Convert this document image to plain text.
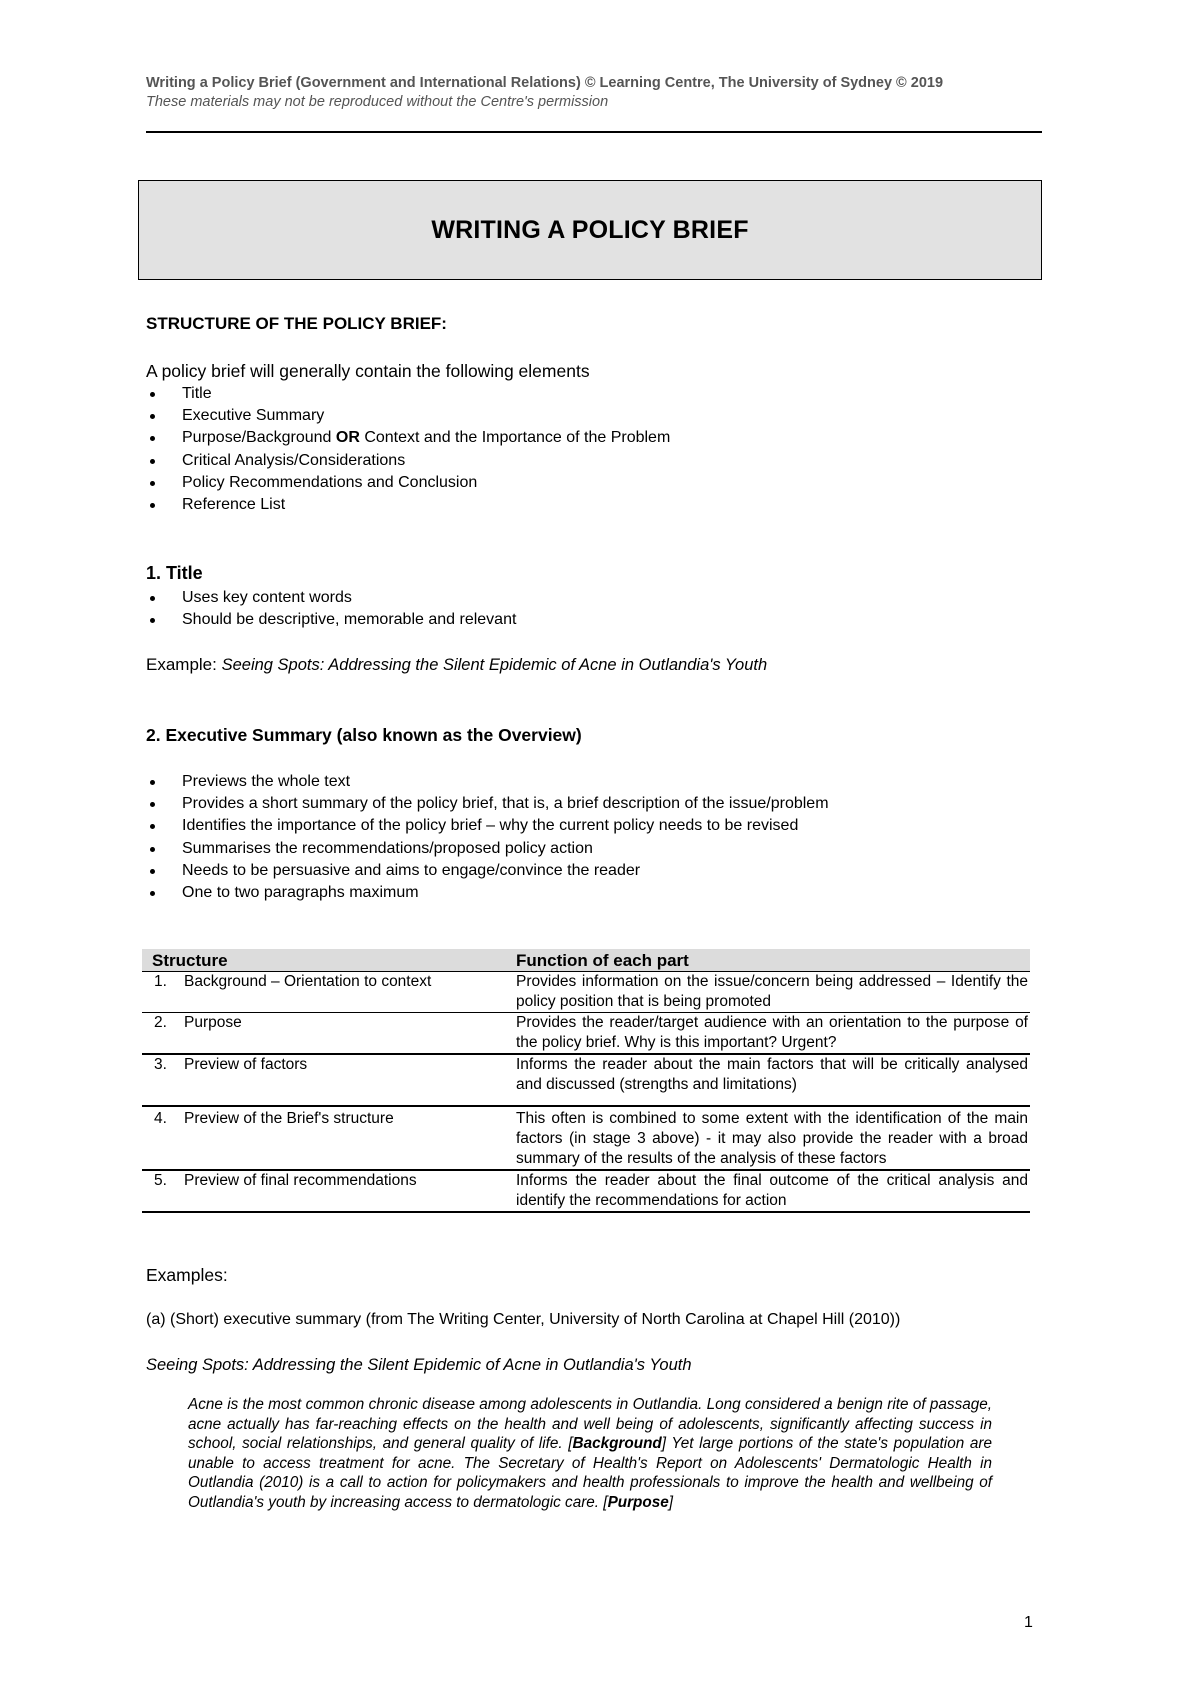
Writing a Policy Brief (Government and International Relations) © Learning Centre, The University of Sydney © 2019
These materials may not be reproduced without the Centre's permission
WRITING A POLICY BRIEF
STRUCTURE OF THE POLICY BRIEF:
A policy brief will generally contain the following elements
Title
Executive Summary
Purpose/Background OR Context and the Importance of the Problem
Critical Analysis/Considerations
Policy Recommendations and Conclusion
Reference List
1. Title
Uses key content words
Should be descriptive, memorable and relevant
Example: Seeing Spots: Addressing the Silent Epidemic of Acne in Outlandia's Youth
2. Executive Summary (also known as the Overview)
Previews the whole text
Provides a short summary of the policy brief, that is, a brief description of the issue/problem
Identifies the importance of the policy brief – why the current policy needs to be revised
Summarises the recommendations/proposed policy action
Needs to be persuasive and aims to engage/convince the reader
One to two paragraphs maximum
Structure	Function of each part
1. Background – Orientation to context	Provides information on the issue/concern being addressed – Identify the policy position that is being promoted
2. Purpose	Provides the reader/target audience with an orientation to the purpose of the policy brief. Why is this important? Urgent?
3. Preview of factors	Informs the reader about the main factors that will be critically analysed and discussed (strengths and limitations)
4. Preview of the Brief's structure	This often is combined to some extent with the identification of the main factors (in stage 3 above) - it may also provide the reader with a broad summary of the results of the analysis of these factors
5. Preview of final recommendations	Informs the reader about the final outcome of the critical analysis and identify the recommendations for action
Examples:
(a) (Short) executive summary (from The Writing Center, University of North Carolina at Chapel Hill (2010))
Seeing Spots: Addressing the Silent Epidemic of Acne in Outlandia's Youth
Acne is the most common chronic disease among adolescents in Outlandia. Long considered a benign rite of passage, acne actually has far-reaching effects on the health and well being of adolescents, significantly affecting success in school, social relationships, and general quality of life. [Background] Yet large portions of the state's population are unable to access treatment for acne. The Secretary of Health's Report on Adolescents' Dermatologic Health in Outlandia (2010) is a call to action for policymakers and health professionals to improve the health and wellbeing of Outlandia's youth by increasing access to dermatologic care. [Purpose]
1
